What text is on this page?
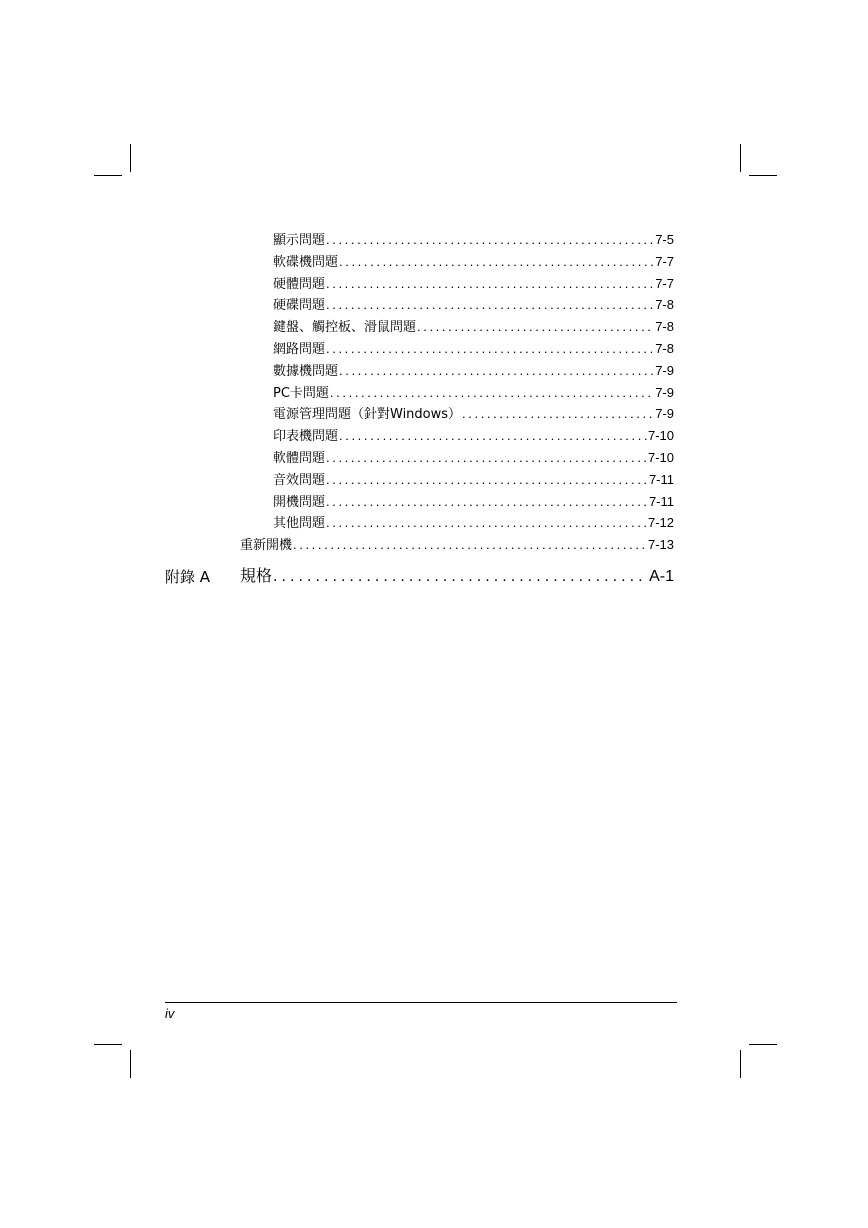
顯示問題 . . .	7-5
軟碟機問題 . . .	7-7
硬體問題 . . .	7-7
硬碟問題 . . .	7-8
鍵盤、觸控板、滑鼠問題 . . .	7-8
網路問題 . . .	7-8
數據機問題 . . .	7-9
PC卡問題 . . .	7-9
電源管理問題（針對Windows） . . .	7-9
印表機問題 . . .	7-10
軟體問題 . . .	7-10
音效問題 . . .	7-11
開機問題 . . .	7-11
其他問題 . . .	7-12
重新開機 . . .	7-13
附錄 A 規格 . . .	A-1
iv
